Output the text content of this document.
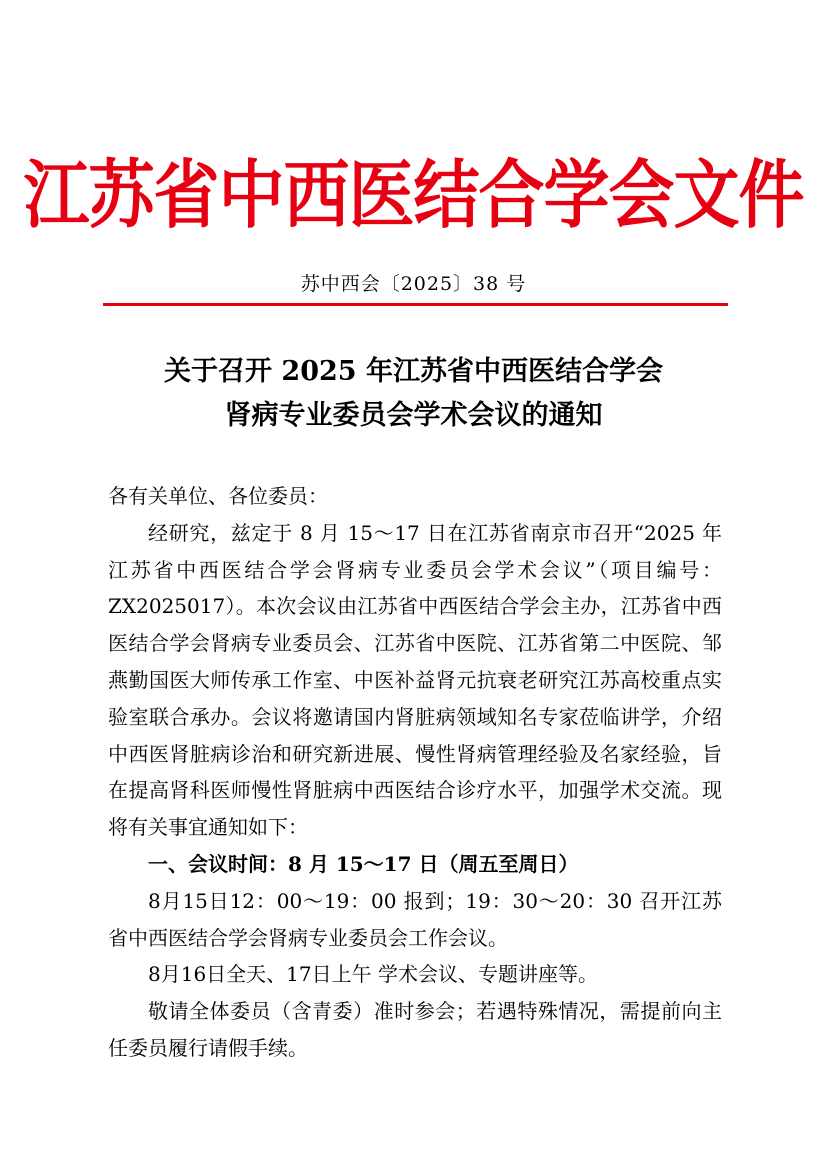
江苏省中西医结合学会文件
苏中西会〔2025〕38 号
关于召开 2025 年江苏省中西医结合学会
肾病专业委员会学术会议的通知

各有关单位、各位委员：

经研究，兹定于 8 月 15～17 日在江苏省南京市召开“2025 年江苏省中西医结合学会肾病专业委员会学术会议”（项目编号：ZX2025017）。本次会议由江苏省中西医结合学会主办，江苏省中西医结合学会肾病专业委员会、江苏省中医院、江苏省第二中医院、邹燕勤国医大师传承工作室、中医补益肾元抗衰老研究江苏高校重点实验室联合承办。会议将邀请国内肾脏病领域知名专家莅临讲学，介绍中西医肾脏病诊治和研究新进展、慢性肾病管理经验及名家经验，旨在提高肾科医师慢性肾脏病中西医结合诊疗水平，加强学术交流。现将有关事宜通知如下：

一、会议时间：8 月 15～17 日（周五至周日）

8月15日12：00～19：00 报到；19：30～20：30 召开江苏省中西医结合学会肾病专业委员会工作会议。

8月16日全天、17日上午 学术会议、专题讲座等。

敬请全体委员（含青委）准时参会；若遇特殊情况，需提前向主任委员履行请假手续。
